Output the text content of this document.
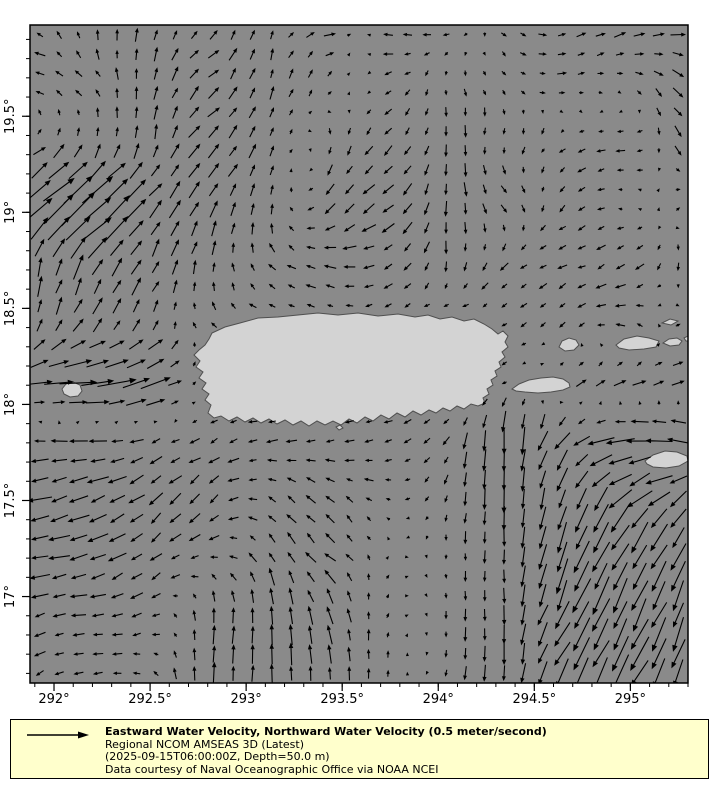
292°	292.5°	293°	293.5°	294°	294.5°	295°
17°
17.5°
18°
18.5°
19°
19.5°
Eastward Water Velocity, Northward Water Velocity (0.5 meter/second)
Regional NCOM AMSEAS 3D (Latest)
(2025-09-15T06:00:00Z, Depth=50.0 m)
Data courtesy of Naval Oceanographic Office via NOAA NCEI
